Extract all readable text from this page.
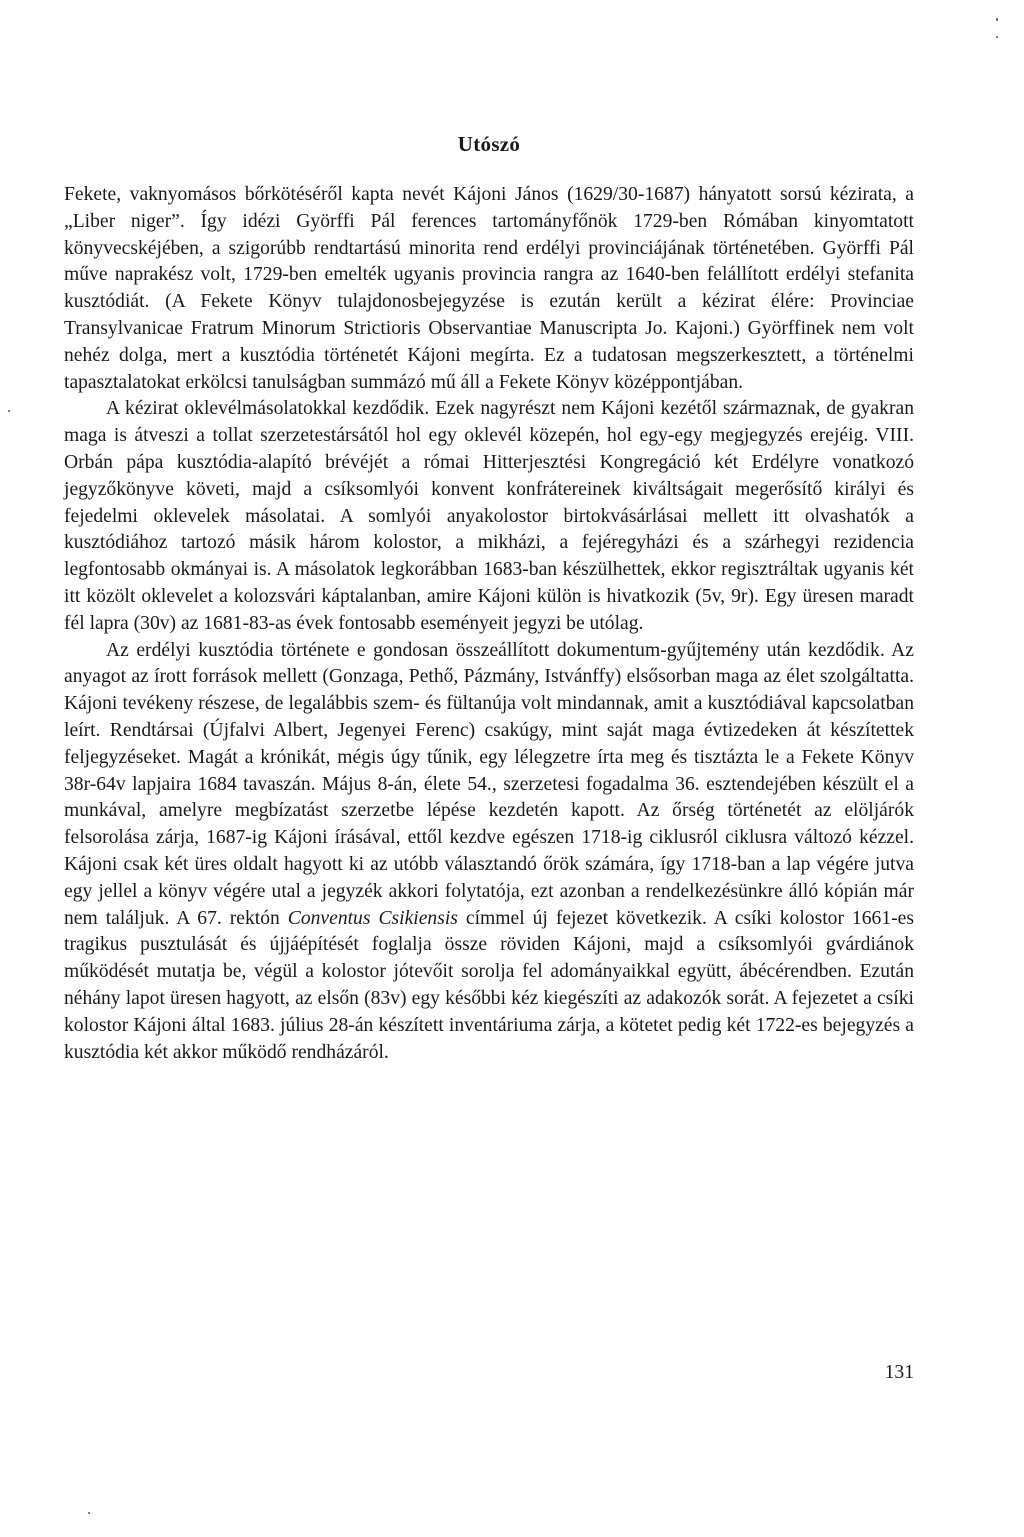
Utószó

Fekete, vaknyomásos bőrkötéséről kapta nevét Kájoni János (1629/30-1687) hányatott sorsú kézirata, a „Liber niger”. Így idézi Györffi Pál ferences tartományfőnök 1729-ben Rómában kinyomtatott könyvecskéjében, a szigorúbb rendtartású minorita rend erdélyi provinciájának történetében. Györffi Pál műve naprakész volt, 1729-ben emelték ugyanis provincia rangra az 1640-ben felállított erdélyi stefanita kusztódiát. (A Fekete Könyv tulajdonosbejegyzése is ezután került a kézirat élére: Provinciae Transylvanicae Fratrum Minorum Strictioris Observantiae Manuscripta Jo. Kajoni.) Györffinek nem volt nehéz dolga, mert a kusztódia történetét Kájoni megírta. Ez a tudatosan megszerkesztett, a történelmi tapasztalatokat erkölcsi tanulságban summázó mű áll a Fekete Könyv középpontjában.

A kézirat oklevélmásolatokkal kezdődik. Ezek nagyrészt nem Kájoni kezétől származnak, de gyakran maga is átveszi a tollat szerzetestársától hol egy oklevél közepén, hol egy-egy megjegyzés erejéig. VIII. Orbán pápa kusztódia-alapító brévéjét a római Hitterjesztési Kongregáció két Erdélyre vonatkozó jegyzőkönyve követi, majd a csíksomlyói konvent konfrátereinek kiváltságait megerősítő királyi és fejedelmi oklevelek másolatai. A somlyói anyakolostor birtokvásárlásai mellett itt olvashatók a kusztódiához tartozó másik három kolostor, a mikházi, a fejéregyházi és a szárhegyi rezidencia legfontosabb okmányai is. A másolatok legkorábban 1683-ban készülhettek, ekkor regisztráltak ugyanis két itt közölt oklevelet a kolozsvári káptalanban, amire Kájoni külön is hivatkozik (5v, 9r). Egy üresen maradt fél lapra (30v) az 1681-83-as évek fontosabb eseményeit jegyzi be utólag.

Az erdélyi kusztódia története e gondosan összeállított dokumentum-gyűjtemény után kezdődik. Az anyagot az írott források mellett (Gonzaga, Pethő, Pázmány, Istvánffy) elsősorban maga az élet szolgáltatta. Kájoni tevékeny részese, de legalábbis szem- és fültanúja volt mindannak, amit a kusztódiával kapcsolatban leírt. Rendtársai (Újfalvi Albert, Jegenyei Ferenc) csakúgy, mint saját maga évtizedeken át készítettek feljegyzéseket. Magát a krónikát, mégis úgy tűnik, egy lélegzetre írta meg és tisztázta le a Fekete Könyv 38r-64v lapjaira 1684 tavaszán. Május 8-án, élete 54., szerzetesi fogadalma 36. esztendejében készült el a munkával, amelyre megbízatást szerzetbe lépése kezdetén kapott. Az őrség történetét az elöljárók felsorolása zárja, 1687-ig Kájoni írásával, ettől kezdve egészen 1718-ig ciklusról ciklusra változó kézzel. Kájoni csak két üres oldalt hagyott ki az utóbb választandó őrök számára, így 1718-ban a lap végére jutva egy jellel a könyv végére utal a jegyzék akkori folytatója, ezt azonban a rendelkezésünkre álló kópián már nem találjuk. A 67. rektón Conventus Csikiensis címmel új fejezet következik. A csíki kolostor 1661-es tragikus pusztulását és újjáépítését foglalja össze röviden Kájoni, majd a csíksomlyói gvárdiánok működését mutatja be, végül a kolostor jótevőit sorolja fel adományaikkal együtt, ábécérendben. Ezután néhány lapot üresen hagyott, az elsőn (83v) egy későbbi kéz kiegészíti az adakozók sorát. A fejezetet a csíki kolostor Kájoni által 1683. július 28-án készített inventáriuma zárja, a kötetet pedig két 1722-es bejegyzés a kusztódia két akkor működő rendházáról.

131
